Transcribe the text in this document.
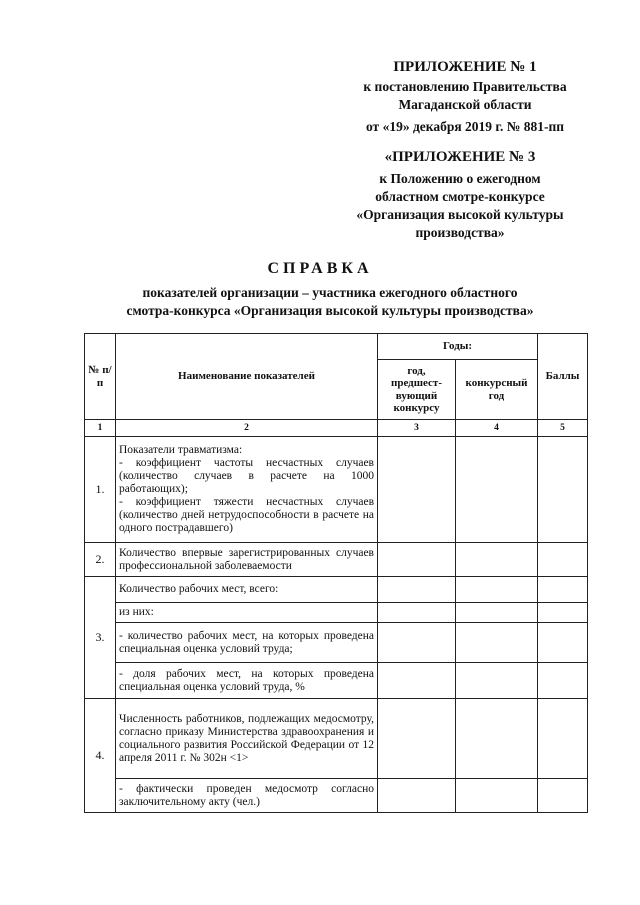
ПРИЛОЖЕНИЕ № 1
к постановлению Правительства
Магаданской области
от «19» декабря 2019 г. № 881-пп
«ПРИЛОЖЕНИЕ № 3
к Положению о ежегодном
областном смотре-конкурсе
«Организация высокой культуры
производства»
СПРАВКА
показателей организации – участника ежегодного областного
смотра-конкурса «Организация высокой культуры производства»
№ п/п	Наименование показателей	Годы:		Баллы
		год, предшест-вующий конкурсу	конкурсный год	
1	2	3	4	5
1.	Показатели травматизма:
- коэффициент частоты несчастных случаев (количество случаев в расчете на 1000 работающих);
- коэффициент тяжести несчастных случаев (количество дней нетрудоспособности в расчете на одного пострадавшего)			
2.	Количество впервые зарегистрированных случаев профессиональной заболеваемости			
3.	Количество рабочих мест, всего:			
	из них:			
	- количество рабочих мест, на которых проведена специальная оценка условий труда;			
	- доля рабочих мест, на которых проведена специальная оценка условий труда, %			
4.	Численность работников, подлежащих медосмотру, согласно приказу Министерства здравоохранения и социального развития Российской Федерации от 12 апреля 2011 г. № 302н <1>			
	- фактически проведен медосмотр согласно заключительному акту (чел.)			
